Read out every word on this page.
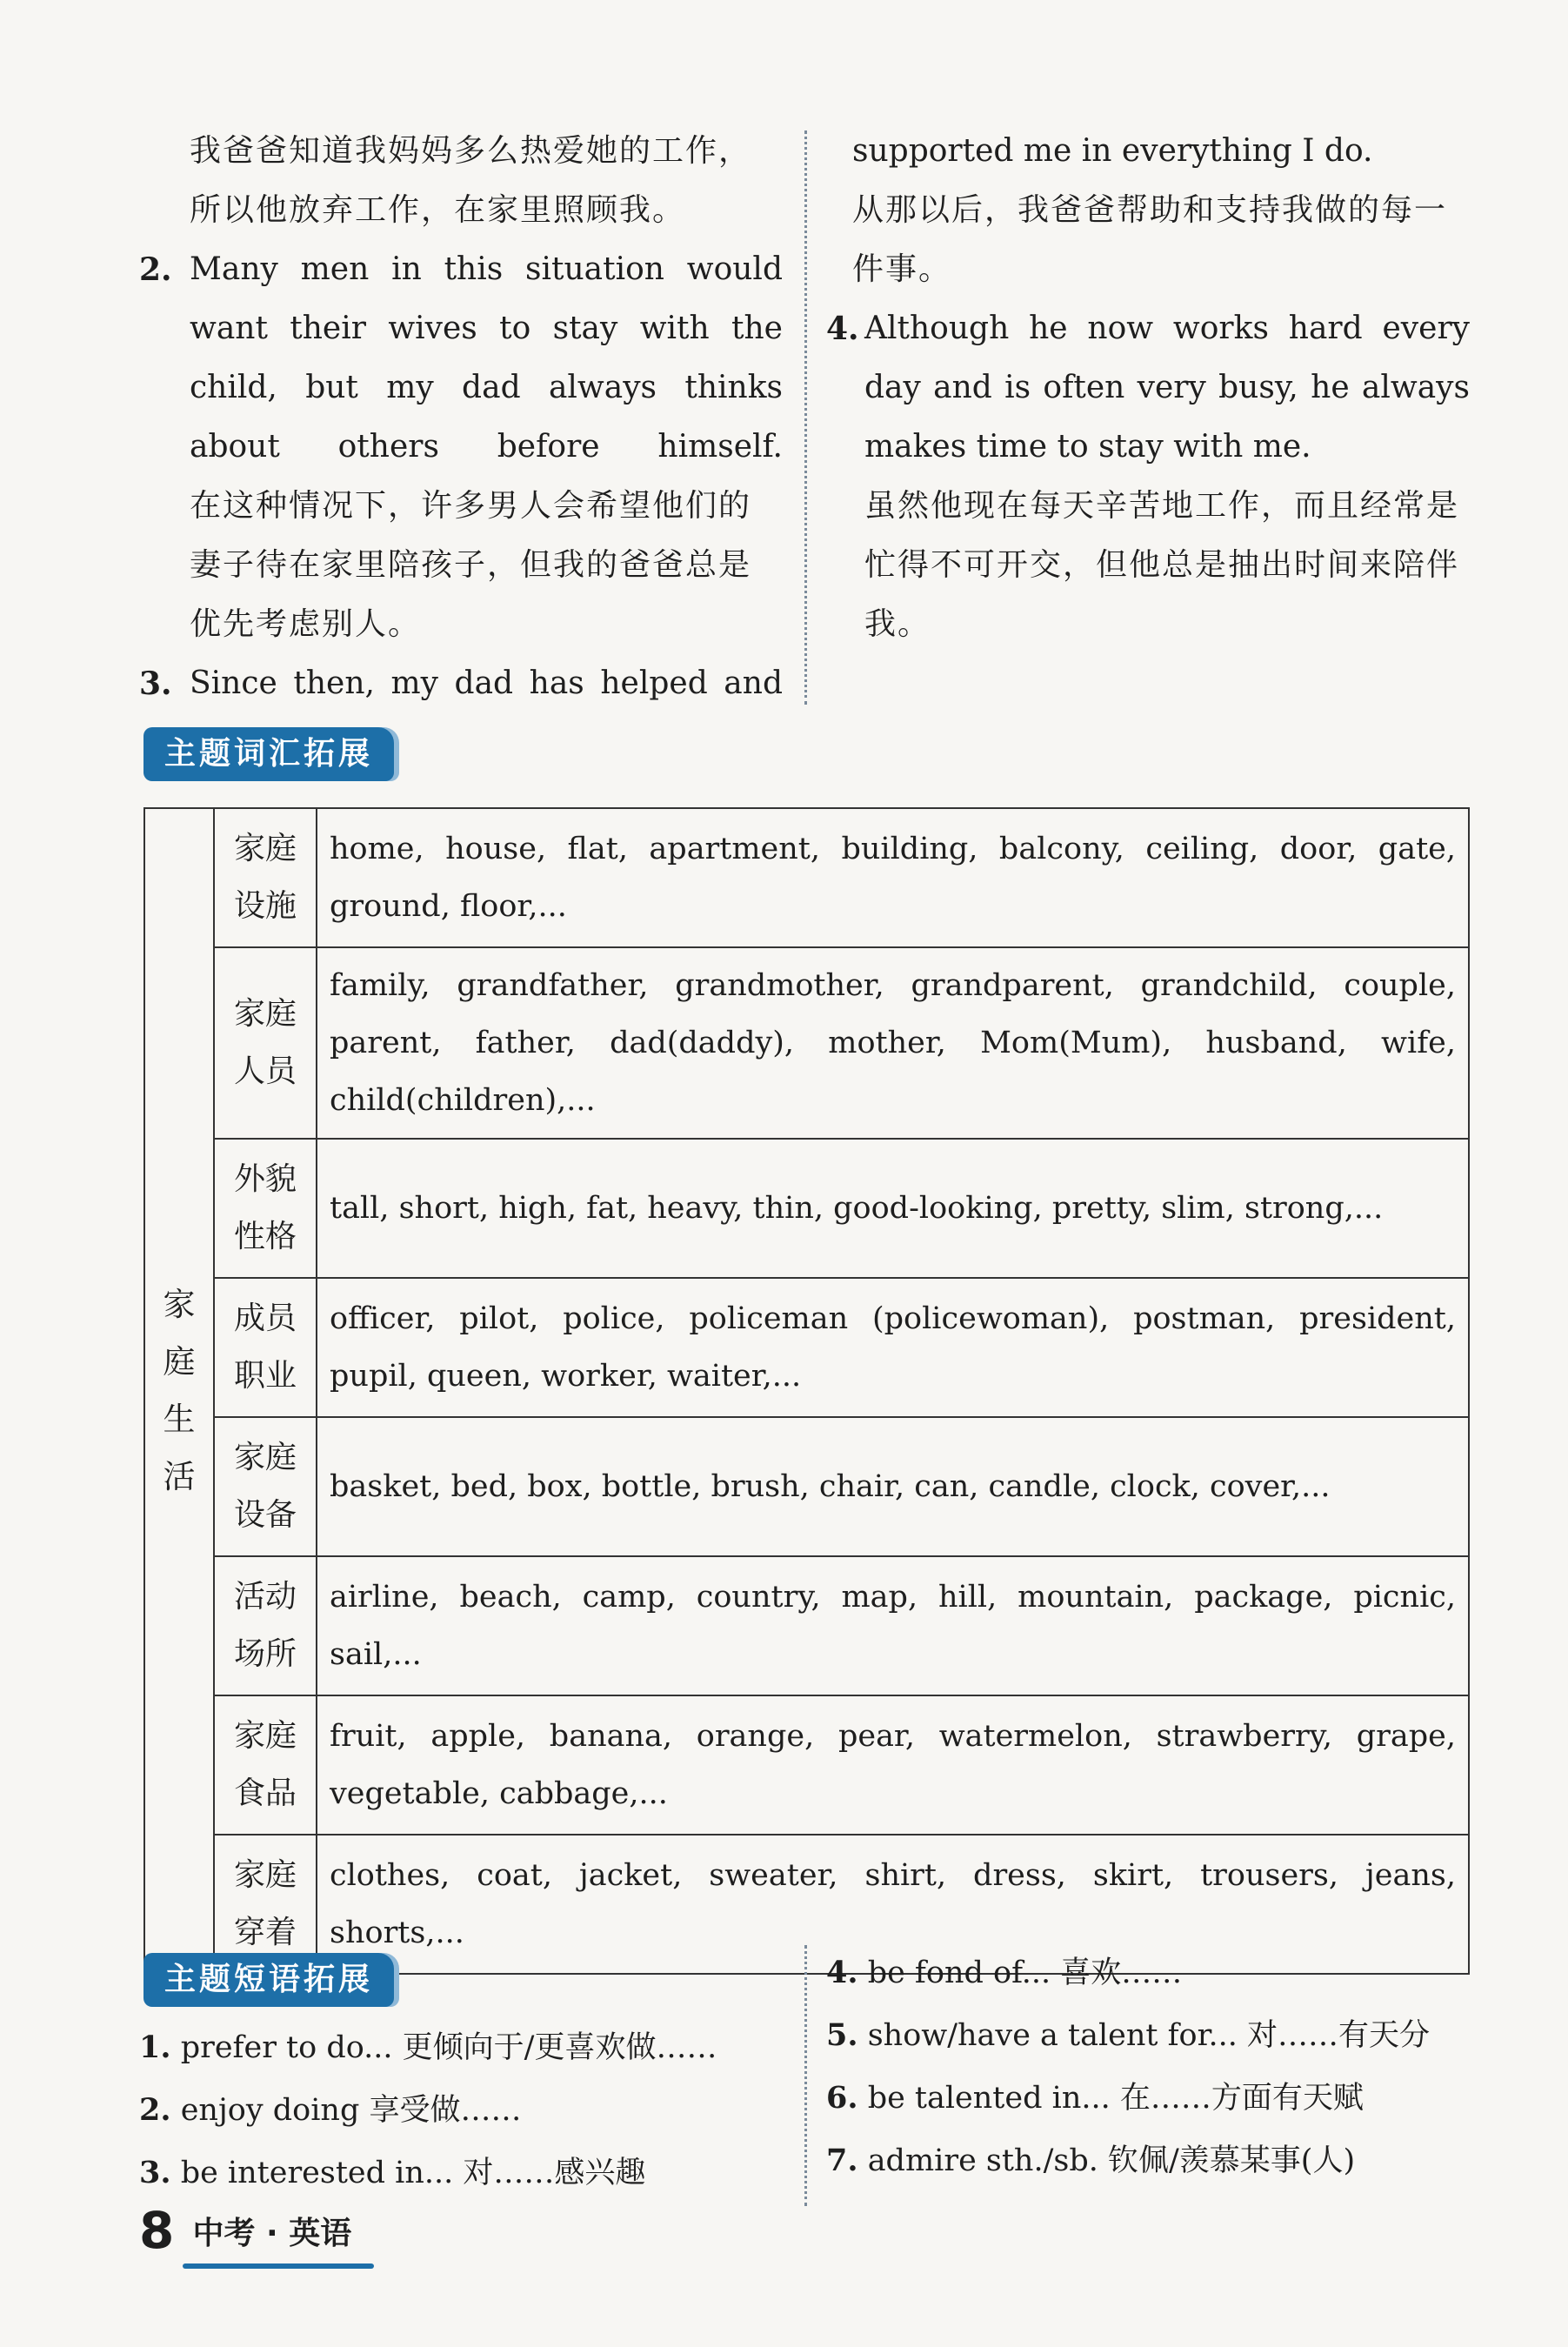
我爸爸知道我妈妈多么热爱她的工作，
所以他放弃工作，在家里照顾我。
2. Many men in this situation would want their wives to stay with the child, but my dad always thinks about others before himself.
在这种情况下，许多男人会希望他们的妻子待在家里陪孩子，但我的爸爸总是优先考虑别人。
3. Since then, my dad has helped and
supported me in everything I do.
从那以后，我爸爸帮助和支持我做的每一件事。
4. Although he now works hard every day and is often very busy, he always makes time to stay with me.
虽然他现在每天辛苦地工作，而且经常是忙得不可开交，但他总是抽出时间来陪伴我。
主题词汇拓展
家庭生活	家庭设施	home, house, flat, apartment, building, balcony, ceiling, door, gate, ground, floor,...
	家庭人员	family, grandfather, grandmother, grandparent, grandchild, couple, parent, father, dad(daddy), mother, Mom(Mum), husband, wife, child(children),...
	外貌性格	tall, short, high, fat, heavy, thin, good-looking, pretty, slim, strong,...
	成员职业	officer, pilot, police, policeman (policewoman), postman, president, pupil, queen, worker, waiter,...
	家庭设备	basket, bed, box, bottle, brush, chair, can, candle, clock, cover,...
	活动场所	airline, beach, camp, country, map, hill, mountain, package, picnic, sail,...
	家庭食品	fruit, apple, banana, orange, pear, watermelon, strawberry, grape, vegetable, cabbage,...
	家庭穿着	clothes, coat, jacket, sweater, shirt, dress, skirt, trousers, jeans, shorts,...
主题短语拓展
1. prefer to do... 更倾向于/更喜欢做……
2. enjoy doing 享受做……
3. be interested in... 对……感兴趣
4. be fond of... 喜欢……
5. show/have a talent for... 对……有天分
6. be talented in... 在……方面有天赋
7. admire sth./sb. 钦佩/羡慕某事(人)
8 中考 · 英语
